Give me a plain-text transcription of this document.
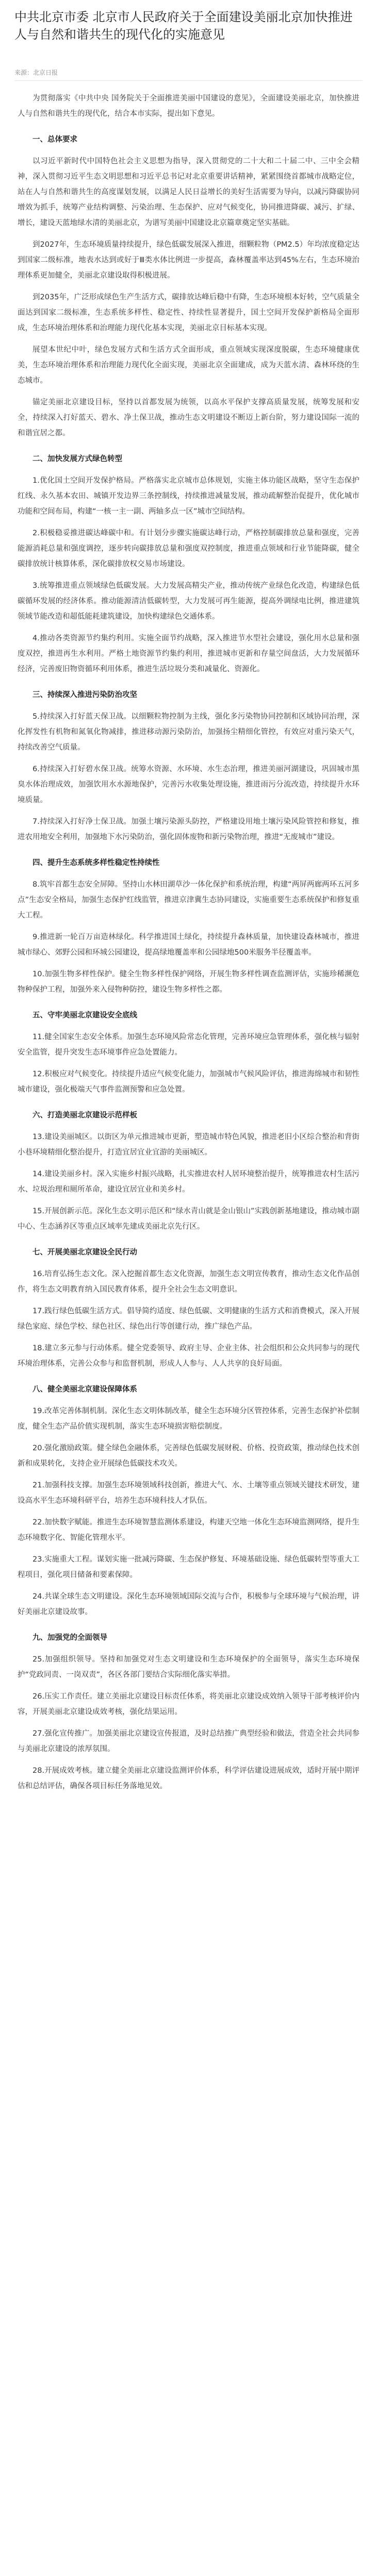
中共北京市委 北京市人民政府关于全面建设美丽北京加快推进人与自然和谐共生的现代化的实施意见
来源：北京日报

为贯彻落实《中共中央 国务院关于全面推进美丽中国建设的意见》，全面建设美丽北京，加快推进人与自然和谐共生的现代化，结合本市实际，提出如下意见。

一、总体要求

以习近平新时代中国特色社会主义思想为指导，深入贯彻党的二十大和二十届二中、三中全会精神，深入贯彻习近平生态文明思想和习近平总书记对北京重要讲话精神，紧紧围绕首都城市战略定位，站在人与自然和谐共生的高度谋划发展，以满足人民日益增长的美好生活需要为导向，以减污降碳协同增效为抓手，统筹产业结构调整、污染治理、生态保护、应对气候变化，协同推进降碳、减污、扩绿、增长，建设天蓝地绿水清的美丽北京，为谱写美丽中国建设北京篇章奠定坚实基础。

到2027年，生态环境质量持续提升，绿色低碳发展深入推进，细颗粒物（PM2.5）年均浓度稳定达到国家二级标准，地表水达到或好于Ⅲ类水体比例进一步提高，森林覆盖率达到45%左右，生态环境治理体系更加健全，美丽北京建设取得积极进展。

到2035年，广泛形成绿色生产生活方式，碳排放达峰后稳中有降，生态环境根本好转，空气质量全面达到国家二级标准，生态系统多样性、稳定性、持续性显著提升，国土空间开发保护新格局全面形成，生态环境治理体系和治理能力现代化基本实现，美丽北京目标基本实现。

展望本世纪中叶，绿色发展方式和生活方式全面形成，重点领域实现深度脱碳，生态环境健康优美，生态环境治理体系和治理能力现代化全面实现，美丽北京全面建成，成为天蓝水清、森林环绕的生态城市。

锚定美丽北京建设目标，坚持以首都发展为统领，以高水平保护支撑高质量发展，统筹发展和安全，持续深入打好蓝天、碧水、净土保卫战，推动生态文明建设不断迈上新台阶，努力建设国际一流的和谐宜居之都。

二、加快发展方式绿色转型

1.优化国土空间开发保护格局。严格落实北京城市总体规划，实施主体功能区战略，坚守生态保护红线、永久基本农田、城镇开发边界三条控制线，持续推进减量发展，推动疏解整治促提升，优化城市功能和空间布局，构建“一核一主一副、两轴多点一区”城市空间结构。

2.积极稳妥推进碳达峰碳中和。有计划分步骤实施碳达峰行动，严格控制碳排放总量和强度，完善能源消耗总量和强度调控，逐步转向碳排放总量和强度双控制度，推进重点领域和行业节能降碳，健全碳排放统计核算体系，深化碳排放权交易市场建设。

3.统筹推进重点领域绿色低碳发展。大力发展高精尖产业，推动传统产业绿色化改造，构建绿色低碳循环发展的经济体系。推动能源清洁低碳转型，大力发展可再生能源，提高外调绿电比例，推进建筑领域节能改造和超低能耗建筑建设，加快构建绿色交通体系。

4.推动各类资源节约集约利用。实施全面节约战略，深入推进节水型社会建设，强化用水总量和强度双控，推进再生水利用。严格土地资源节约集约利用，推进城市更新和存量空间盘活，大力发展循环经济，完善废旧物资循环利用体系，推进生活垃圾分类和减量化、资源化。

三、持续深入推进污染防治攻坚

5.持续深入打好蓝天保卫战。以细颗粒物控制为主线，强化多污染物协同控制和区域协同治理，深化挥发性有机物和氮氧化物减排，推进移动源污染防治，加强扬尘精细化管控，有效应对重污染天气，持续改善空气质量。

6.持续深入打好碧水保卫战。统筹水资源、水环境、水生态治理，推进美丽河湖建设，巩固城市黑臭水体治理成效，加强饮用水水源地保护，完善污水收集处理设施，推进雨污分流改造，持续提升水环境质量。

7.持续深入打好净土保卫战。加强土壤污染源头防控，严格建设用地土壤污染风险管控和修复，推进农用地安全利用，加强地下水污染防治，强化固体废物和新污染物治理，推进“无废城市”建设。

四、提升生态系统多样性稳定性持续性

8.筑牢首都生态安全屏障。坚持山水林田湖草沙一体化保护和系统治理，构建“两屏两廊两环五河多点”生态安全格局，加强生态保护红线监管，推进京津冀生态协同建设，实施重要生态系统保护和修复重大工程。

9.推进新一轮百万亩造林绿化。科学推进国土绿化，持续提升森林质量，加快建设森林城市，推进城市绿心、郊野公园和环城公园建设，提高绿地覆盖率和公园绿地500米服务半径覆盖率。

10.加强生物多样性保护。健全生物多样性保护网络，开展生物多样性调查监测评估，实施珍稀濒危物种保护工程，加强外来入侵物种防控，建设生物多样性之都。

五、守牢美丽北京建设安全底线

11.健全国家生态安全体系。加强生态环境风险常态化管理，完善环境应急管理体系，强化核与辐射安全监管，提升突发生态环境事件应急处置能力。

12.积极应对气候变化。持续提升适应气候变化能力，加强城市气候风险评估，推进海绵城市和韧性城市建设，强化极端天气事件监测预警和应急处置。

六、打造美丽北京建设示范样板

13.建设美丽城区。以街区为单元推进城市更新，塑造城市特色风貌，推进老旧小区综合整治和背街小巷环境精细化整治提升，打造宜居宜业宜游的美丽城区。

14.建设美丽乡村。深入实施乡村振兴战略，扎实推进农村人居环境整治提升，统筹推进农村生活污水、垃圾治理和厕所革命，建设宜居宜业和美乡村。

15.开展创新示范。深化生态文明示范区和“绿水青山就是金山银山”实践创新基地建设，推动城市副中心、生态涵养区等重点区域率先建成美丽北京先行区。

七、开展美丽北京建设全民行动

16.培育弘扬生态文化。深入挖掘首都生态文化资源，加强生态文明宣传教育，推动生态文化作品创作，将生态文明教育纳入国民教育体系，提升全社会生态文明意识。

17.践行绿色低碳生活方式。倡导简约适度、绿色低碳、文明健康的生活方式和消费模式，深入开展绿色家庭、绿色学校、绿色社区、绿色出行等创建行动，推广绿色产品。

18.建立多元参与行动体系。健全党委领导、政府主导、企业主体、社会组织和公众共同参与的现代环境治理体系，完善公众参与和监督机制，形成人人参与、人人共享的良好局面。

八、健全美丽北京建设保障体系

19.改革完善体制机制。深化生态文明体制改革，健全生态环境分区管控体系，完善生态保护补偿制度，健全生态产品价值实现机制，落实生态环境损害赔偿制度。

20.强化激励政策。健全绿色金融体系，完善绿色低碳发展财税、价格、投资政策，推动绿色技术创新和成果转化，支持企业开展绿色低碳技术攻关。

21.加强科技支撑。加强生态环境领域科技创新，推进大气、水、土壤等重点领域关键技术研发，建设高水平生态环境科研平台，培养生态环境科技人才队伍。

22.加快数字赋能。推进生态环境智慧监测体系建设，构建天空地一体化生态环境监测网络，提升生态环境数字化、智能化管理水平。

23.实施重大工程。谋划实施一批减污降碳、生态保护修复、环境基础设施、绿色低碳转型等重大工程项目，强化项目储备和要素保障。

24.共谋全球生态文明建设。深化生态环境领域国际交流与合作，积极参与全球环境与气候治理，讲好美丽北京建设故事。

九、加强党的全面领导

25.加强组织领导。坚持和加强党对生态文明建设和生态环境保护的全面领导，落实生态环境保护“党政同责、一岗双责”，各区各部门要结合实际细化落实举措。

26.压实工作责任。建立美丽北京建设目标责任体系，将美丽北京建设成效纳入领导干部考核评价内容，开展美丽北京建设成效考核，强化结果运用。

27.强化宣传推广。加强美丽北京建设宣传报道，及时总结推广典型经验和做法，营造全社会共同参与美丽北京建设的浓厚氛围。

28.开展成效考核。建立健全美丽北京建设监测评价体系，科学评估建设进展成效，适时开展中期评估和总结评估，确保各项目标任务落地见效。
